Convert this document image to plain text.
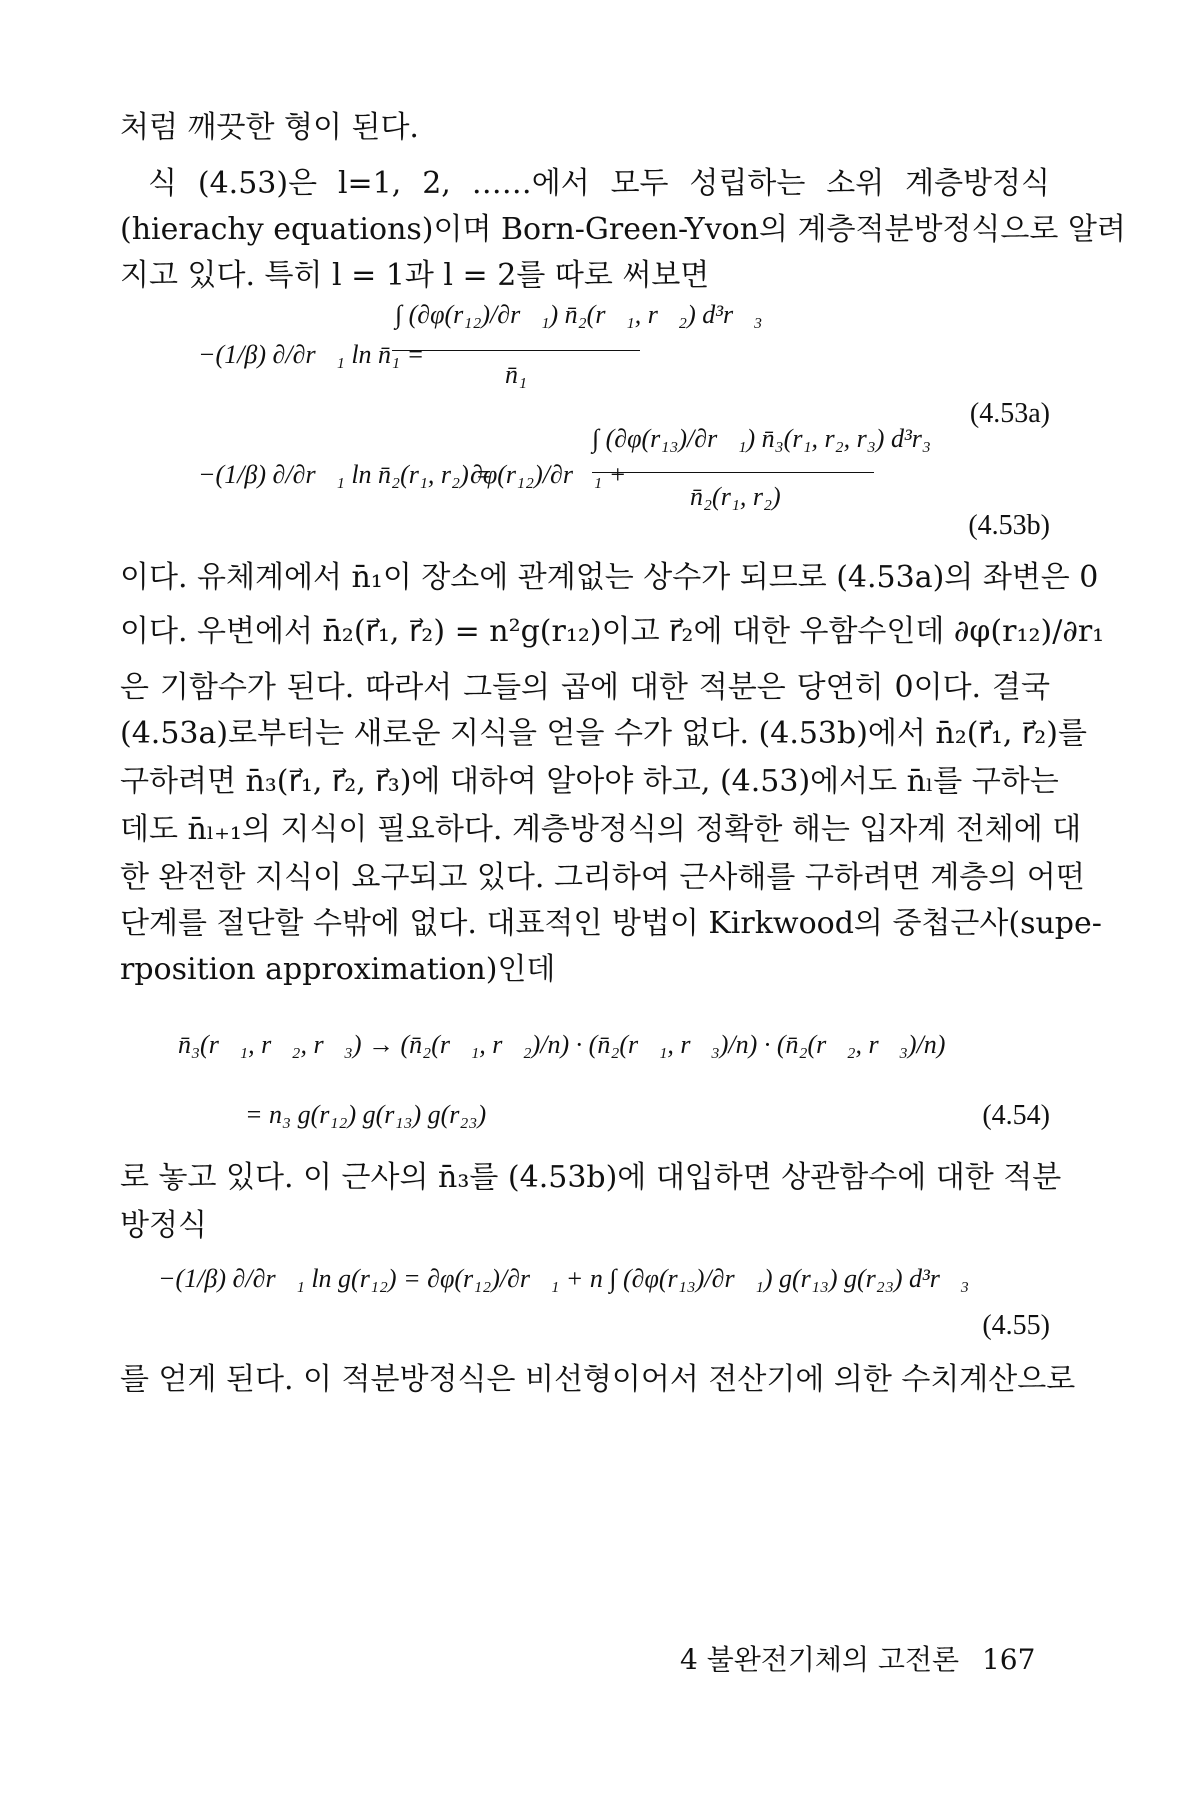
처럼 깨끗한 형이 된다.
식 (4.53)은 l=1, 2, ……에서 모두 성립하는 소위 계층방정식
(hierachy equations)이며 Born-Green-Yvon의 계층적분방정식으로 알려
지고 있다. 특히 l = 1과 l = 2를 따로 써보면
−(1/β) ∂/∂r⃗₁ ln n̄₁ =
∫ (∂φ(r₁₂)/∂r⃗₁) n̄₂(r⃗₁, r⃗₂) d³r⃗₃
n̄₁
(4.53a)
−(1/β) ∂/∂r⃗₁ ln n̄₂(r₁, r₂) =
∂φ(r₁₂)/∂r⃗₁ +
∫ (∂φ(r₁₃)/∂r⃗₁) n̄₃(r₁, r₂, r₃) d³r₃
n̄₂(r₁, r₂)
(4.53b)
이다. 유체계에서 n̄₁이 장소에 관계없는 상수가 되므로 (4.53a)의 좌변은 0
이다. 우변에서 n̄₂(r⃗₁, r⃗₂) = n²g(r₁₂)이고 r⃗₂에 대한 우함수인데 ∂φ(r₁₂)/∂r₁
은 기함수가 된다. 따라서 그들의 곱에 대한 적분은 당연히 0이다. 결국
(4.53a)로부터는 새로운 지식을 얻을 수가 없다. (4.53b)에서 n̄₂(r⃗₁, r⃗₂)를
구하려면 n̄₃(r⃗₁, r⃗₂, r⃗₃)에 대하여 알아야 하고, (4.53)에서도 n̄ₗ를 구하는
데도 n̄ₗ₊₁의 지식이 필요하다. 계층방정식의 정확한 해는 입자계 전체에 대
한 완전한 지식이 요구되고 있다. 그리하여 근사해를 구하려면 계층의 어떤
단계를 절단할 수밖에 없다. 대표적인 방법이 Kirkwood의 중첩근사(supe-
rposition approximation)인데
n̄₃(r⃗₁, r⃗₂, r⃗₃) → (n̄₂(r⃗₁, r⃗₂)/n) · (n̄₂(r⃗₁, r⃗₃)/n) · (n̄₂(r⃗₂, r⃗₃)/n)
= n₃ g(r₁₂) g(r₁₃) g(r₂₃)	(4.54)
로 놓고 있다. 이 근사의 n̄₃를 (4.53b)에 대입하면 상관함수에 대한 적분
방정식
−(1/β) ∂/∂r⃗₁ ln g(r₁₂) = ∂φ(r₁₂)/∂r⃗₁ + n ∫ (∂φ(r₁₃)/∂r⃗₁) g(r₁₃) g(r₂₃) d³r⃗₃
(4.55)
를 얻게 된다. 이 적분방정식은 비선형이어서 전산기에 의한 수치계산으로
4 불완전기체의 고전론 167
